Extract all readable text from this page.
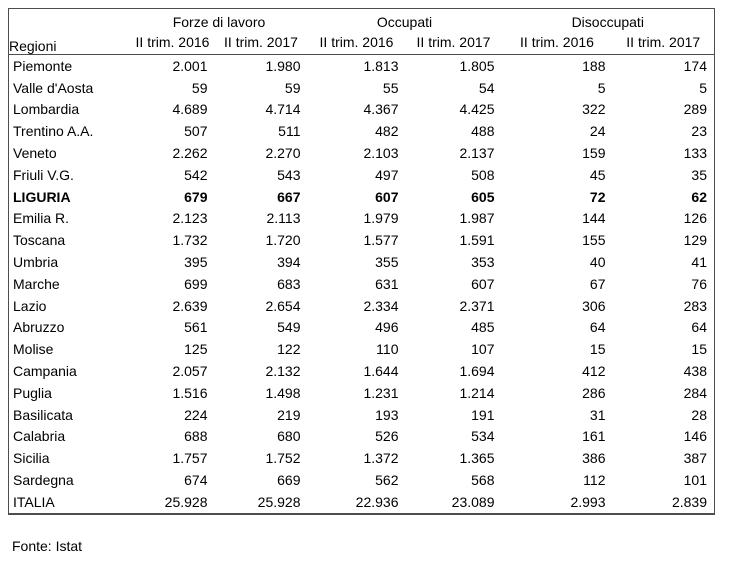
Regioni	Forze di lavoro		Occupati		Disoccupati	
	II trim. 2016	II trim. 2017	II trim. 2016	II trim. 2017	II trim. 2016	II trim. 2017
Piemonte	2.001	1.980	1.813	1.805	188	174
Valle d'Aosta	59	59	55	54	5	5
Lombardia	4.689	4.714	4.367	4.425	322	289
Trentino A.A.	507	511	482	488	24	23
Veneto	2.262	2.270	2.103	2.137	159	133
Friuli V.G.	542	543	497	508	45	35
LIGURIA	679	667	607	605	72	62
Emilia R.	2.123	2.113	1.979	1.987	144	126
Toscana	1.732	1.720	1.577	1.591	155	129
Umbria	395	394	355	353	40	41
Marche	699	683	631	607	67	76
Lazio	2.639	2.654	2.334	2.371	306	283
Abruzzo	561	549	496	485	64	64
Molise	125	122	110	107	15	15
Campania	2.057	2.132	1.644	1.694	412	438
Puglia	1.516	1.498	1.231	1.214	286	284
Basilicata	224	219	193	191	31	28
Calabria	688	680	526	534	161	146
Sicilia	1.757	1.752	1.372	1.365	386	387
Sardegna	674	669	562	568	112	101
ITALIA	25.928	25.928	22.936	23.089	2.993	2.839
Fonte: Istat
